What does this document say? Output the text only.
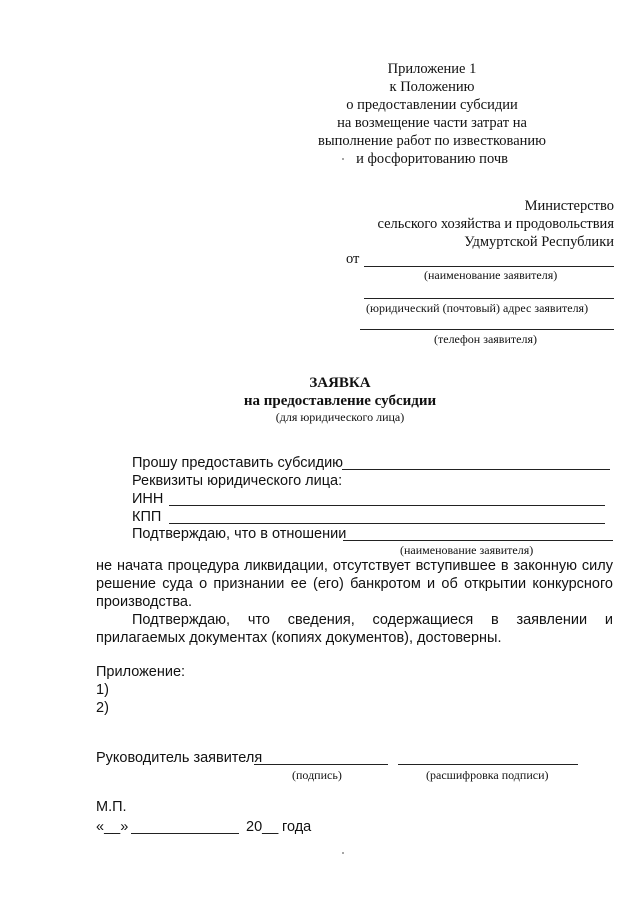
Приложение 1
к Положению
о предоставлении субсидии
на возмещение части затрат на
выполнение работ по известкованию
и фосфоритованию почв
Министерство
сельского хозяйства и продовольствия
Удмуртской Республики
от
(наименование заявителя)
(юридический (почтовый) адрес заявителя)
(телефон заявителя)
ЗАЯВКА
на предоставление субсидии
(для юридического лица)
Прошу предоставить субсидию
Реквизиты юридического лица:
ИНН
КПП
Подтверждаю, что в отношении
(наименование заявителя)
не начата процедура ликвидации, отсутствует вступившее в законную силу решение суда о признании ее (его) банкротом и об открытии конкурсного производства.
Подтверждаю, что сведения, содержащиеся в заявлении и прилагаемых документах (копиях документов), достоверны.
Приложение:
1)
2)
Руководитель заявителя
(подпись)	(расшифровка подписи)
М.П.
«__»	20__ года
